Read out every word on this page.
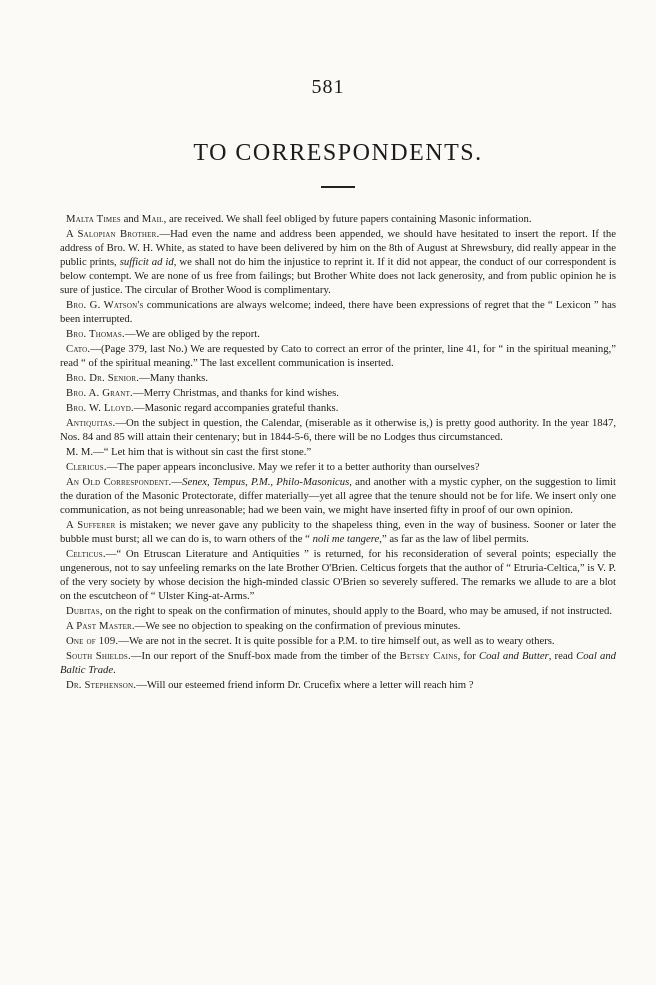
581
TO CORRESPONDENTS.

Malta Times and Mail, are received. We shall feel obliged by future papers containing Masonic information.

A Salopian Brother.—Had even the name and address been appended, we should have hesitated to insert the report. If the address of Bro. W. H. White, as stated to have been delivered by him on the 8th of August at Shrewsbury, did really appear in the public prints, sufficit ad id, we shall not do him the injustice to reprint it. If it did not appear, the conduct of our correspondent is below contempt. We are none of us free from failings; but Brother White does not lack generosity, and from public opinion he is sure of justice. The circular of Brother Wood is complimentary.

Bro. G. Watson's communications are always welcome; indeed, there have been expressions of regret that the “ Lexicon ” has been interrupted.

Bro. Thomas.—We are obliged by the report.

Cato.—(Page 379, last No.) We are requested by Cato to correct an error of the printer, line 41, for “ in the spiritual meaning,” read “ of the spiritual meaning.” The last excellent communication is inserted.

Bro. Dr. Senior.—Many thanks.

Bro. A. Grant.—Merry Christmas, and thanks for kind wishes.

Bro. W. Lloyd.—Masonic regard accompanies grateful thanks.

Antiquitas.—On the subject in question, the Calendar, (miserable as it otherwise is,) is pretty good authority. In the year 1847, Nos. 84 and 85 will attain their centenary; but in 1844-5-6, there will be no Lodges thus circumstanced.

M. M.—“ Let him that is without sin cast the first stone.”

Clericus.—The paper appears inconclusive. May we refer it to a better authority than ourselves?

An Old Correspondent.—Senex, Tempus, P.M., Philo-Masonicus, and another with a mystic cypher, on the suggestion to limit the duration of the Masonic Protectorate, differ materially—yet all agree that the tenure should not be for life. We insert only one communication, as not being unreasonable; had we been vain, we might have inserted fifty in proof of our own opinion.

A Sufferer is mistaken; we never gave any publicity to the shapeless thing, even in the way of business. Sooner or later the bubble must burst; all we can do is, to warn others of the “ noli me tangere,” as far as the law of libel permits.

Celticus.—“ On Etruscan Literature and Antiquities ” is returned, for his reconsideration of several points; especially the ungenerous, not to say unfeeling remarks on the late Brother O'Brien. Celticus forgets that the author of “ Etruria-Celtica,” is V. P. of the very society by whose decision the high-minded classic O'Brien so severely suffered. The remarks we allude to are a blot on the escutcheon of “ Ulster King-at-Arms.”

Dubitas, on the right to speak on the confirmation of minutes, should apply to the Board, who may be amused, if not instructed.

A Past Master.—We see no objection to speaking on the confirmation of previous minutes.

One of 109.—We are not in the secret. It is quite possible for a P.M. to tire himself out, as well as to weary others.

South Shields.—In our report of the Snuff-box made from the timber of the Betsey Cains, for Coal and Butter, read Coal and Baltic Trade.

Dr. Stephenson.—Will our esteemed friend inform Dr. Crucefix where a letter will reach him ?
